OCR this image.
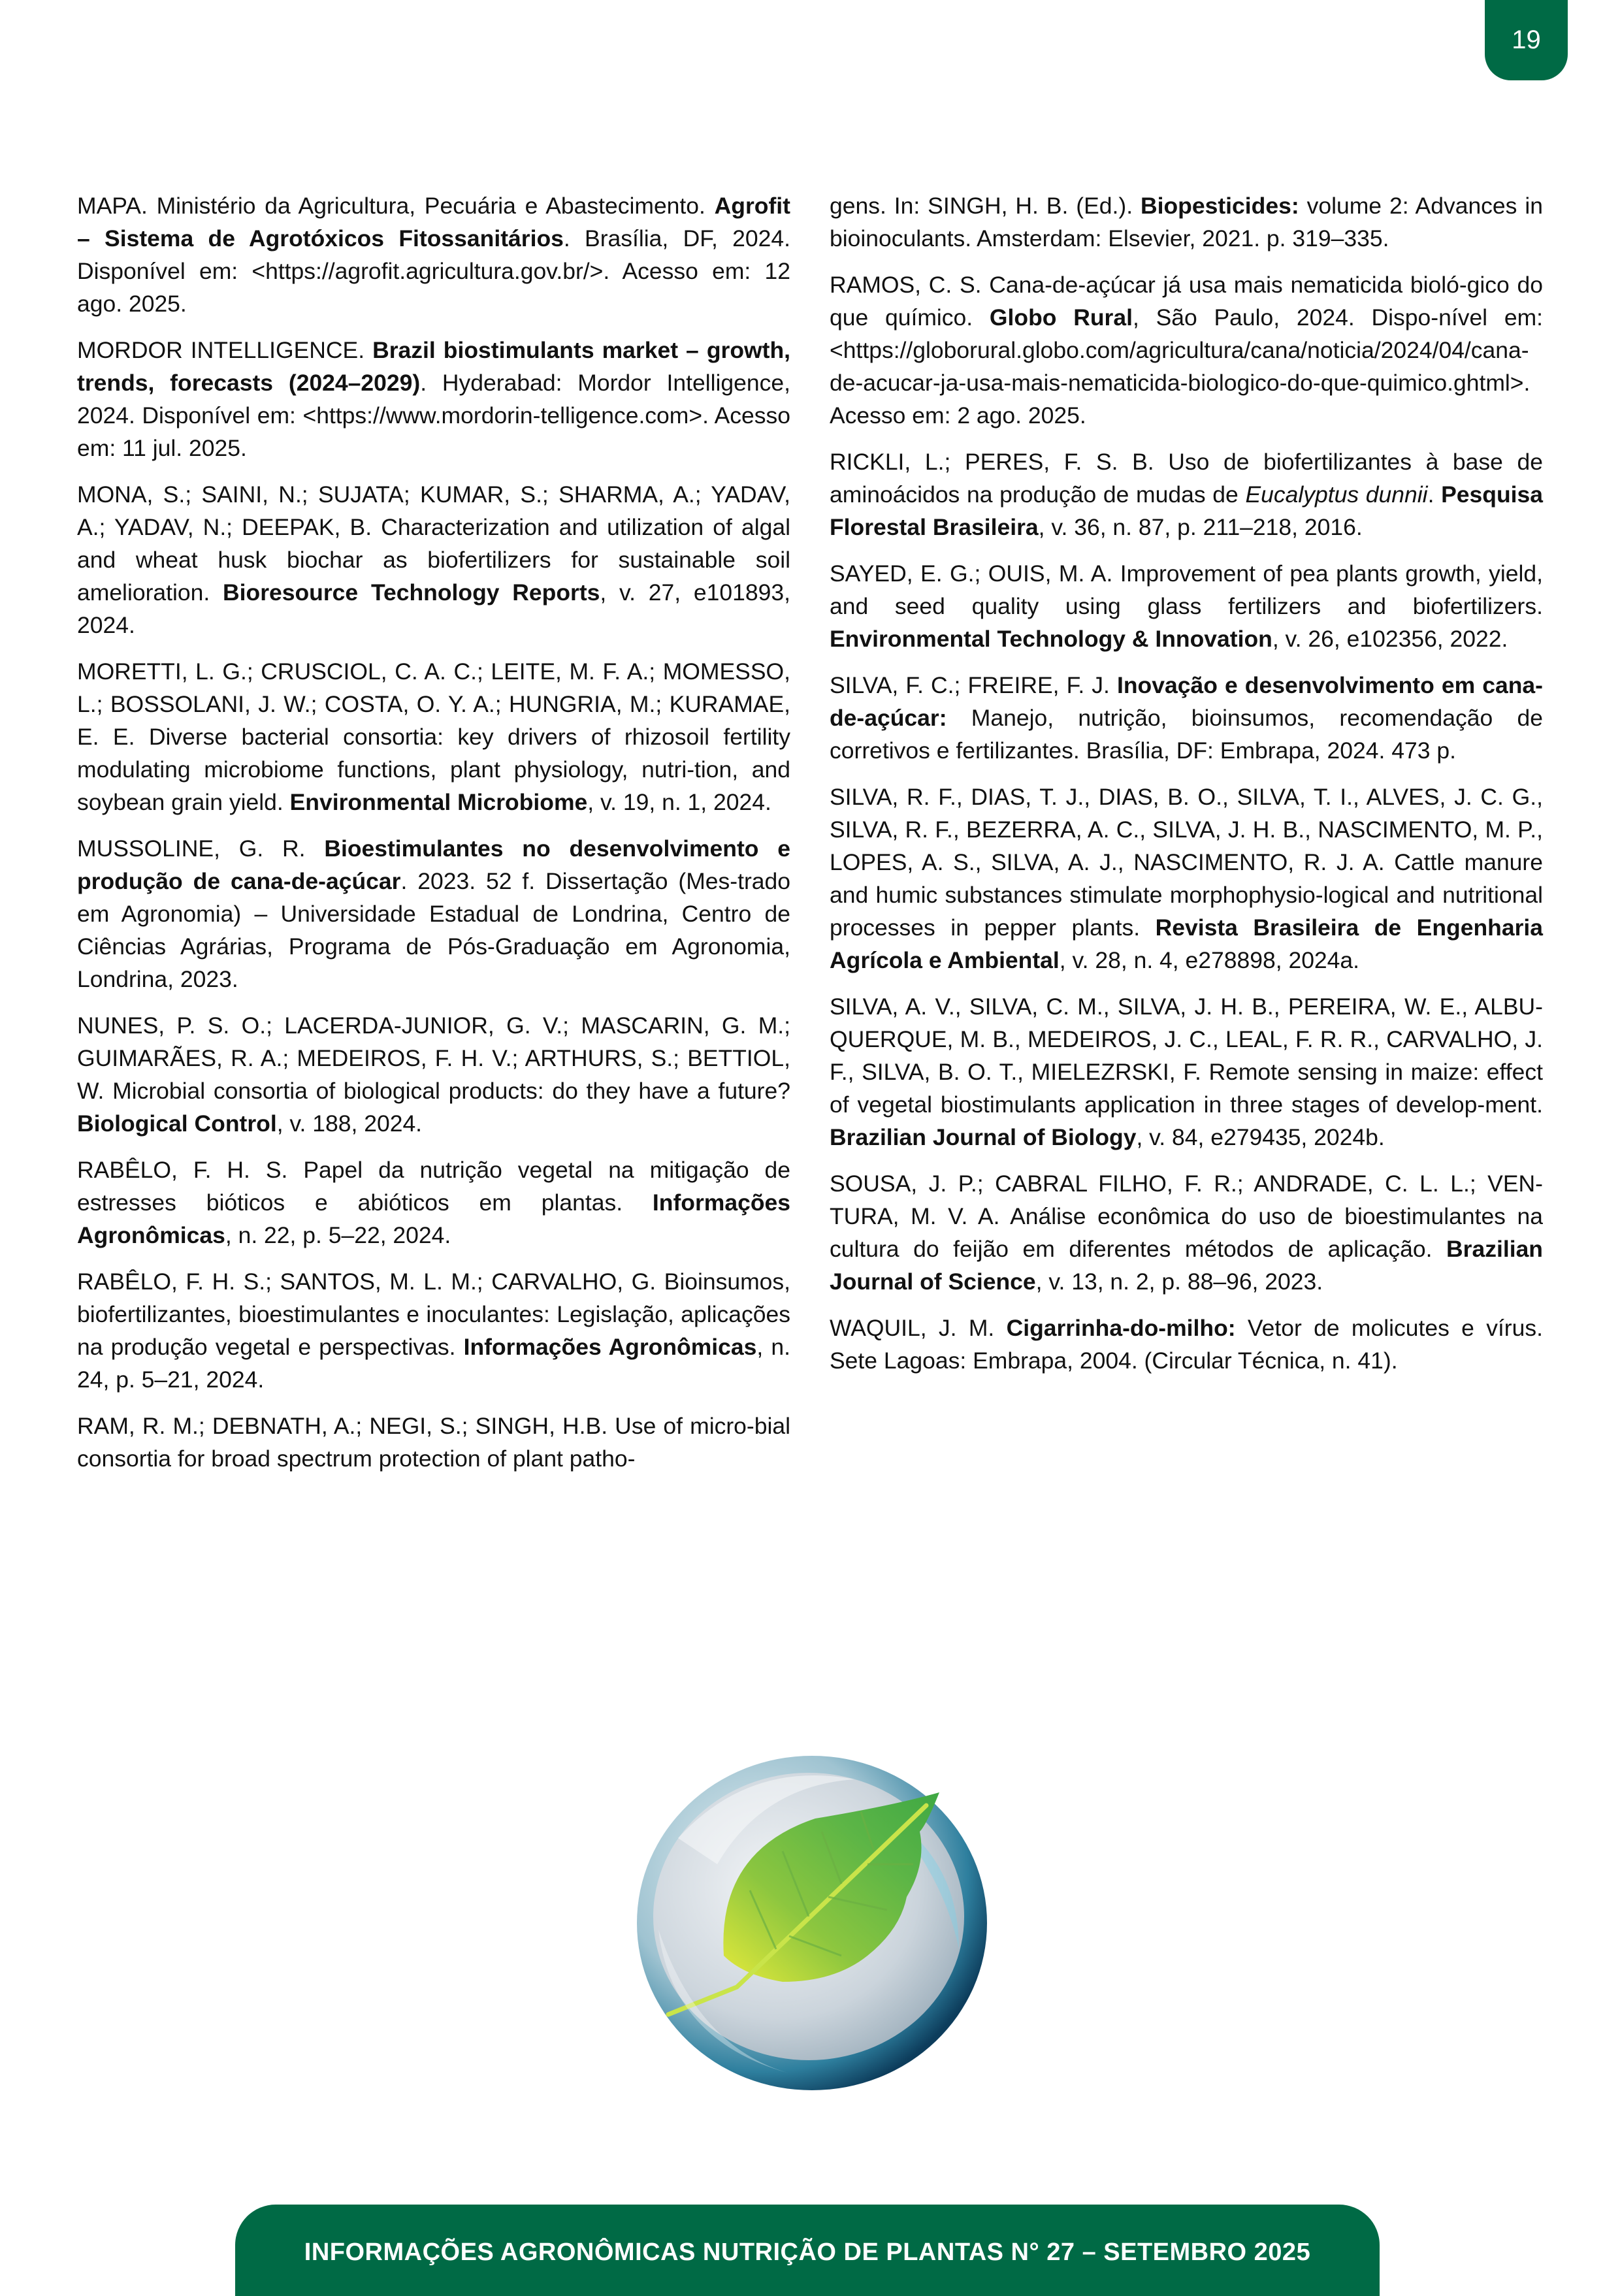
19

MAPA. Ministério da Agricultura, Pecuária e Abastecimento. Agrofit – Sistema de Agrotóxicos Fitossanitários. Brasília, DF, 2024. Disponível em: <https://agrofit.agricultura.gov.br/>. Acesso em: 12 ago. 2025.

MORDOR INTELLIGENCE. Brazil biostimulants market – growth, trends, forecasts (2024–2029). Hyderabad: Mordor Intelligence, 2024. Disponível em: <https://www.mordorin-telligence.com>. Acesso em: 11 jul. 2025.

MONA, S.; SAINI, N.; SUJATA; KUMAR, S.; SHARMA, A.; YADAV, A.; YADAV, N.; DEEPAK, B. Characterization and utilization of algal and wheat husk biochar as biofertilizers for sustainable soil amelioration. Bioresource Technology Reports, v. 27, e101893, 2024.

MORETTI, L. G.; CRUSCIOL, C. A. C.; LEITE, M. F. A.; MOMESSO, L.; BOSSOLANI, J. W.; COSTA, O. Y. A.; HUNGRIA, M.; KURAMAE, E. E. Diverse bacterial consortia: key drivers of rhizosoil fertility modulating microbiome functions, plant physiology, nutri-tion, and soybean grain yield. Environmental Microbiome, v. 19, n. 1, 2024.

MUSSOLINE, G. R. Bioestimulantes no desenvolvimento e produção de cana-de-açúcar. 2023. 52 f. Dissertação (Mes-trado em Agronomia) – Universidade Estadual de Londrina, Centro de Ciências Agrárias, Programa de Pós-Graduação em Agronomia, Londrina, 2023.

NUNES, P. S. O.; LACERDA-JUNIOR, G. V.; MASCARIN, G. M.; GUIMARÃES, R. A.; MEDEIROS, F. H. V.; ARTHURS, S.; BETTIOL, W. Microbial consortia of biological products: do they have a future? Biological Control, v. 188, 2024.

RABÊLO, F. H. S. Papel da nutrição vegetal na mitigação de estresses bióticos e abióticos em plantas. Informações Agronômicas, n. 22, p. 5–22, 2024.

RABÊLO, F. H. S.; SANTOS, M. L. M.; CARVALHO, G. Bioinsumos, biofertilizantes, bioestimulantes e inoculantes: Legislação, aplicações na produção vegetal e perspectivas. Informações Agronômicas, n. 24, p. 5–21, 2024.

RAM, R. M.; DEBNATH, A.; NEGI, S.; SINGH, H.B. Use of micro-bial consortia for broad spectrum protection of plant patho-

gens. In: SINGH, H. B. (Ed.). Biopesticides: volume 2: Advances in bioinoculants. Amsterdam: Elsevier, 2021. p. 319–335.

RAMOS, C. S. Cana-de-açúcar já usa mais nematicida bioló-gico do que químico. Globo Rural, São Paulo, 2024. Dispo-nível em: <https://globorural.globo.com/agricultura/cana/noticia/2024/04/cana-de-acucar-ja-usa-mais-nematicida-biologico-do-que-quimico.ghtml>. Acesso em: 2 ago. 2025.

RICKLI, L.; PERES, F. S. B. Uso de biofertilizantes à base de aminoácidos na produção de mudas de Eucalyptus dunnii. Pesquisa Florestal Brasileira, v. 36, n. 87, p. 211–218, 2016.

SAYED, E. G.; OUIS, M. A. Improvement of pea plants growth, yield, and seed quality using glass fertilizers and biofertilizers. Environmental Technology & Innovation, v. 26, e102356, 2022.

SILVA, F. C.; FREIRE, F. J. Inovação e desenvolvimento em cana-de-açúcar: Manejo, nutrição, bioinsumos, recomendação de corretivos e fertilizantes. Brasília, DF: Embrapa, 2024. 473 p.

SILVA, R. F., DIAS, T. J., DIAS, B. O., SILVA, T. I., ALVES, J. C. G., SILVA, R. F., BEZERRA, A. C., SILVA, J. H. B., NASCIMENTO, M. P., LOPES, A. S., SILVA, A. J., NASCIMENTO, R. J. A. Cattle manure and humic substances stimulate morphophysio-logical and nutritional processes in pepper plants. Revista Brasileira de Engenharia Agrícola e Ambiental, v. 28, n. 4, e278898, 2024a.

SILVA, A. V., SILVA, C. M., SILVA, J. H. B., PEREIRA, W. E., ALBU-QUERQUE, M. B., MEDEIROS, J. C., LEAL, F. R. R., CARVALHO, J. F., SILVA, B. O. T., MIELEZRSKI, F. Remote sensing in maize: effect of vegetal biostimulants application in three stages of develop-ment. Brazilian Journal of Biology, v. 84, e279435, 2024b.

SOUSA, J. P.; CABRAL FILHO, F. R.; ANDRADE, C. L. L.; VEN-TURA, M. V. A. Análise econômica do uso de bioestimulantes na cultura do feijão em diferentes métodos de aplicação. Brazilian Journal of Science, v. 13, n. 2, p. 88–96, 2023.

WAQUIL, J. M. Cigarrinha-do-milho: Vetor de molicutes e vírus. Sete Lagoas: Embrapa, 2004. (Circular Técnica, n. 41).

INFORMAÇÕES AGRONÔMICAS NUTRIÇÃO DE PLANTAS N° 27 – SETEMBRO 2025
